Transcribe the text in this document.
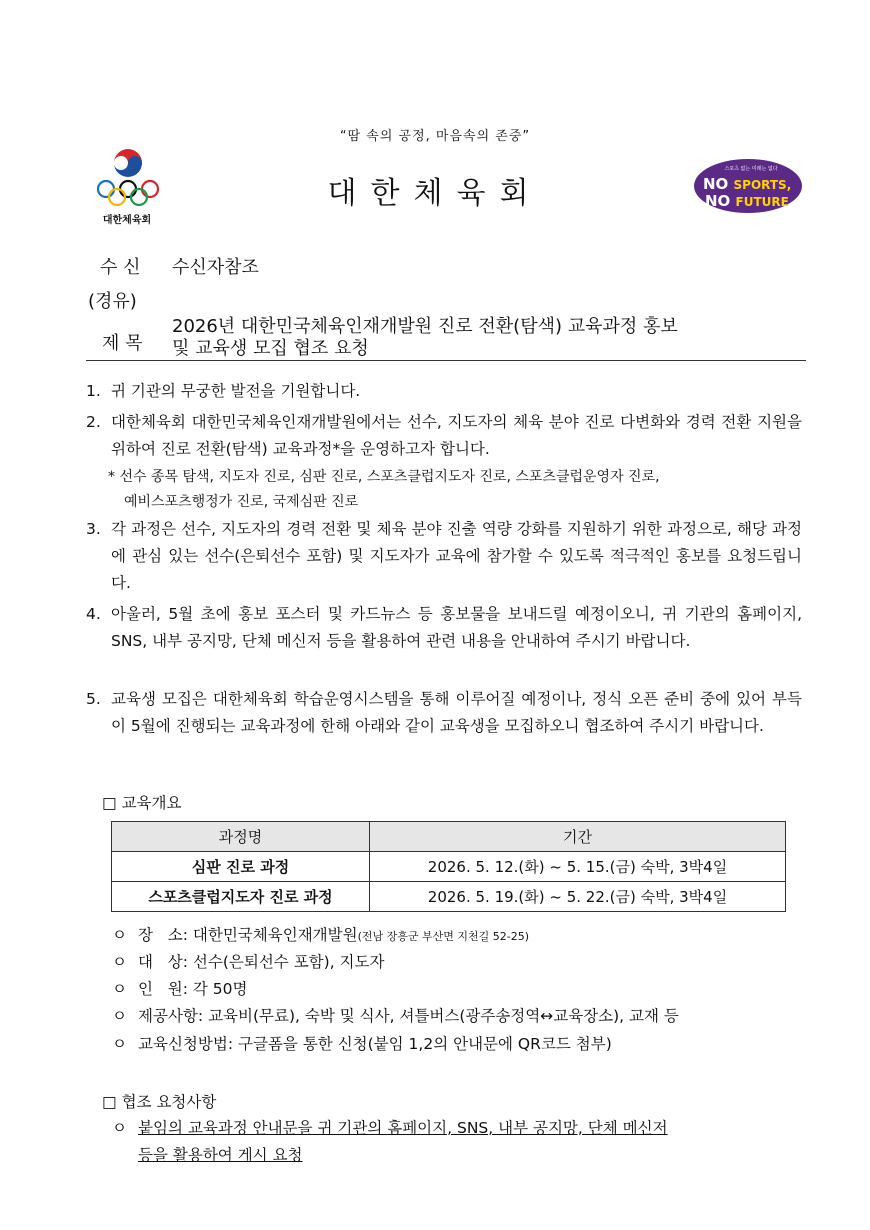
“땀 속의 공정, 마음속의 존중”
대한체육회
대한체육회
스포츠 없는 미래는 없다
NO SPORTS,
NO FUTURE
수 신 수신자참조
(경유)
제 목
2026년 대한민국체육인재개발원 진로 전환(탐색) 교육과정 홍보
및 교육생 모집 협조 요청
1. 귀 기관의 무궁한 발전을 기원합니다.
2. 대한체육회 대한민국체육인재개발원에서는 선수, 지도자의 체육 분야 진로 다변화와 경력 전환 지원을 위하여 진로 전환(탐색) 교육과정*을 운영하고자 합니다.
* 선수 종목 탐색, 지도자 진로, 심판 진로, 스포츠클럽지도자 진로, 스포츠클럽운영자 진로,
예비스포츠행정가 진로, 국제심판 진로
3. 각 과정은 선수, 지도자의 경력 전환 및 체육 분야 진출 역량 강화를 지원하기 위한 과정으로, 해당 과정에 관심 있는 선수(은퇴선수 포함) 및 지도자가 교육에 참가할 수 있도록 적극적인 홍보를 요청드립니다.
4. 아울러, 5월 초에 홍보 포스터 및 카드뉴스 등 홍보물을 보내드릴 예정이오니, 귀 기관의 홈페이지, SNS, 내부 공지망, 단체 메신저 등을 활용하여 관련 내용을 안내하여 주시기 바랍니다.
5. 교육생 모집은 대한체육회 학습운영시스템을 통해 이루어질 예정이나, 정식 오픈 준비 중에 있어 부득이 5월에 진행되는 교육과정에 한해 아래와 같이 교육생을 모집하오니 협조하여 주시기 바랍니다.
□ 교육개요
과정명	기간
심판 진로 과정	2026. 5. 12.(화) ~ 5. 15.(금) 숙박, 3박4일
스포츠클럽지도자 진로 과정	2026. 5. 19.(화) ~ 5. 22.(금) 숙박, 3박4일
ㅇ 장   소: 대한민국체육인재개발원(전남 장흥군 부산면 지천길 52-25)
ㅇ 대   상: 선수(은퇴선수 포함), 지도자
ㅇ 인   원: 각 50명
ㅇ 제공사항: 교육비(무료), 숙박 및 식사, 셔틀버스(광주송정역↔교육장소), 교재 등
ㅇ 교육신청방법: 구글폼을 통한 신청(붙임 1,2의 안내문에 QR코드 첨부)
□ 협조 요청사항
ㅇ 붙임의 교육과정 안내문을 귀 기관의 홈페이지, SNS, 내부 공지망, 단체 메신저
등을 활용하여 게시 요청
